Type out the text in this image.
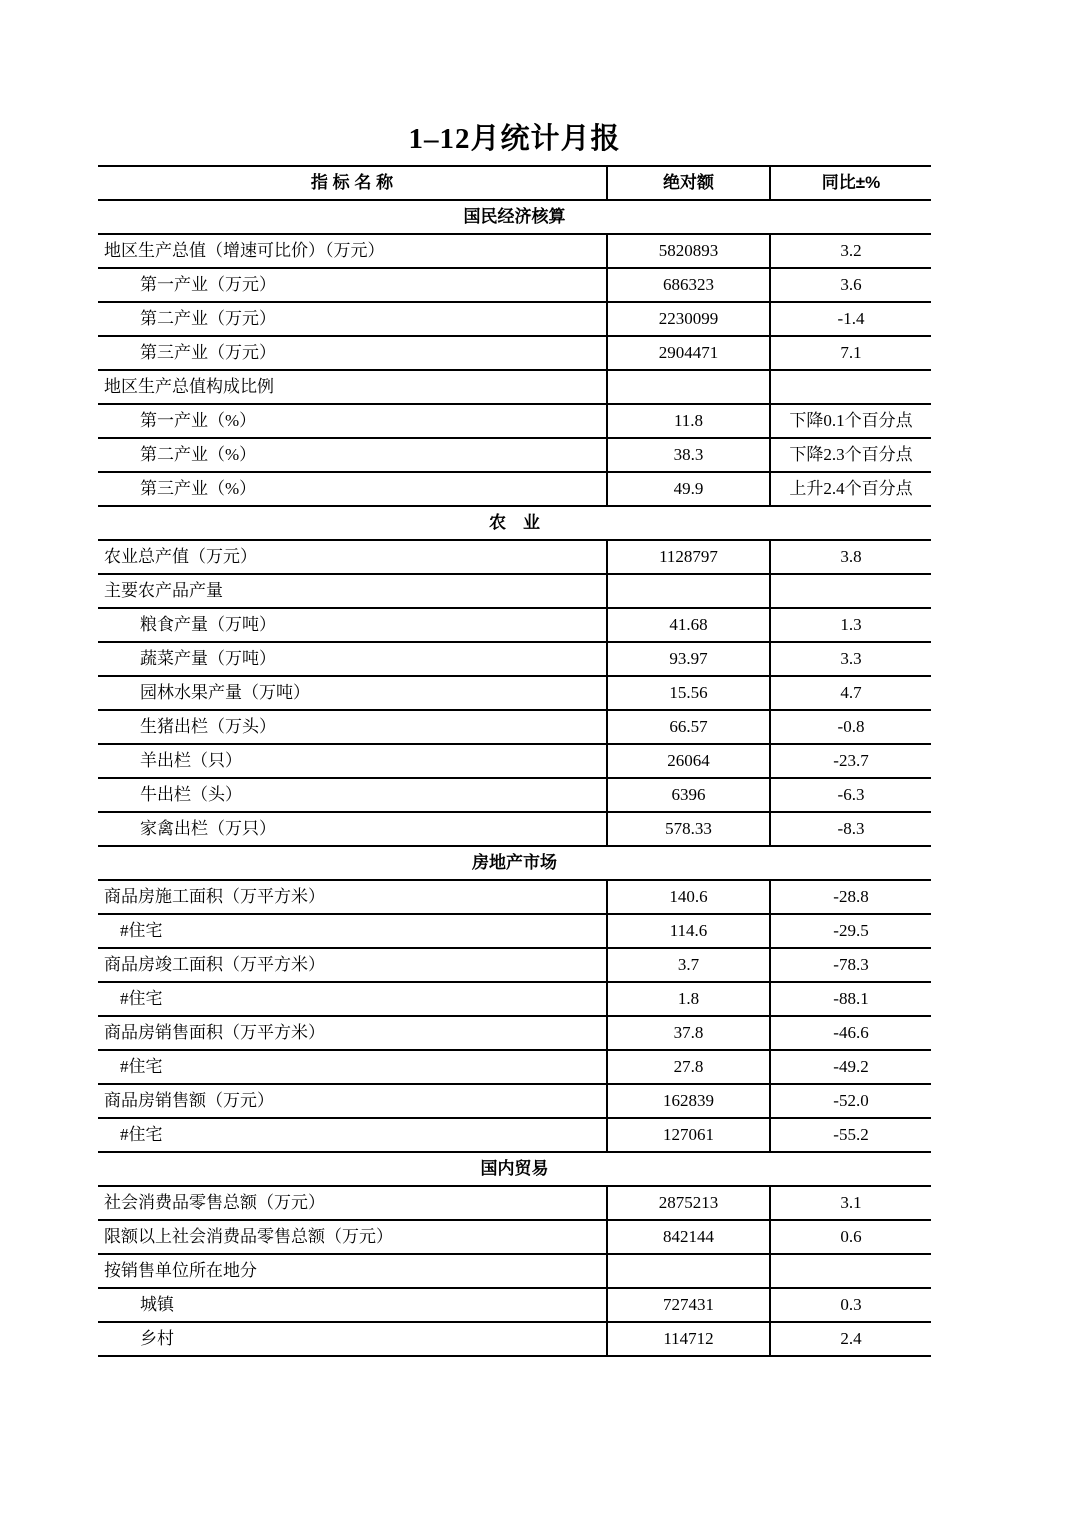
1–12月统计月报
指 标 名 称	绝对额	同比±%
国民经济核算		
地区生产总值（增速可比价）（万元）	5820893	3.2
第一产业（万元）	686323	3.6
第二产业（万元）	2230099	-1.4
第三产业（万元）	2904471	7.1
地区生产总值构成比例		
第一产业（%）	11.8	下降0.1个百分点
第二产业（%）	38.3	下降2.3个百分点
第三产业（%）	49.9	上升2.4个百分点
农　业		
农业总产值（万元）	1128797	3.8
主要农产品产量		
粮食产量（万吨）	41.68	1.3
蔬菜产量（万吨）	93.97	3.3
园林水果产量（万吨）	15.56	4.7
生猪出栏（万头）	66.57	-0.8
羊出栏（只）	26064	-23.7
牛出栏（头）	6396	-6.3
家禽出栏（万只）	578.33	-8.3
房地产市场		
商品房施工面积（万平方米）	140.6	-28.8
#住宅	114.6	-29.5
商品房竣工面积（万平方米）	3.7	-78.3
#住宅	1.8	-88.1
商品房销售面积（万平方米）	37.8	-46.6
#住宅	27.8	-49.2
商品房销售额（万元）	162839	-52.0
#住宅	127061	-55.2
国内贸易		
社会消费品零售总额（万元）	2875213	3.1
限额以上社会消费品零售总额（万元）	842144	0.6
按销售单位所在地分		
城镇	727431	0.3
乡村	114712	2.4
